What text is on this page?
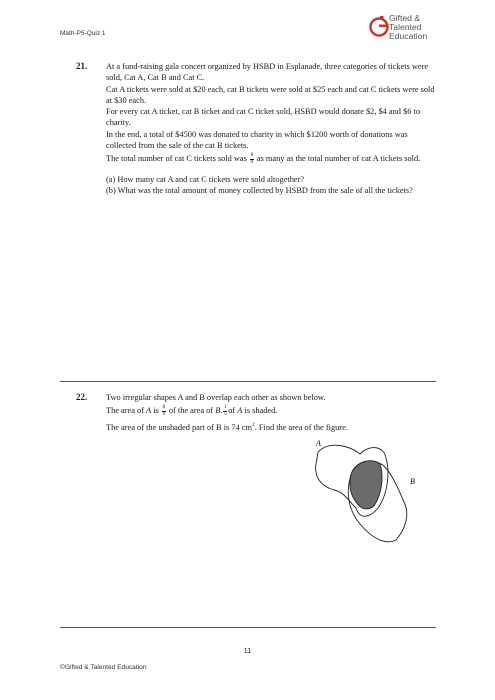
Math-P5-Quiz 1
Gifted &
Talented
Education
21. At a fund-raising gala concert organized by HSBD in Esplanade, three categories of tickets were sold, Cat A, Cat B and Cat C.

Cat A tickets were sold at $20 each, cat B tickets were sold at $25 each and cat C tickets were sold at $30 each.

For every cat A ticket, cat B ticket and cat C ticket sold, HSBD would donate $2, $4 and $6 to charity.

In the end, a total of $4500 was donated to charity in which $1200 worth of donations was collected from the sale of the cat B tickets.

The total number of cat C tickets sold was $\frac{8}{9}$ as many as the total number of cat A tickets sold.

(a) How many cat A and cat C tickets were sold altogether?

(b) What was the total amount of money collected by HSBD from the sale of all the tickets?

22. Two irregular shapes A and B overlap each other as shown below.

The area of A is $\frac{8}{9}$ of the area of B. $\frac{1}{5}$ of A is shaded.

The area of the unshaded part of B is 74 $cm^2$. Find the area of the figure.

A
B
11
©Gifted & Talented Education
